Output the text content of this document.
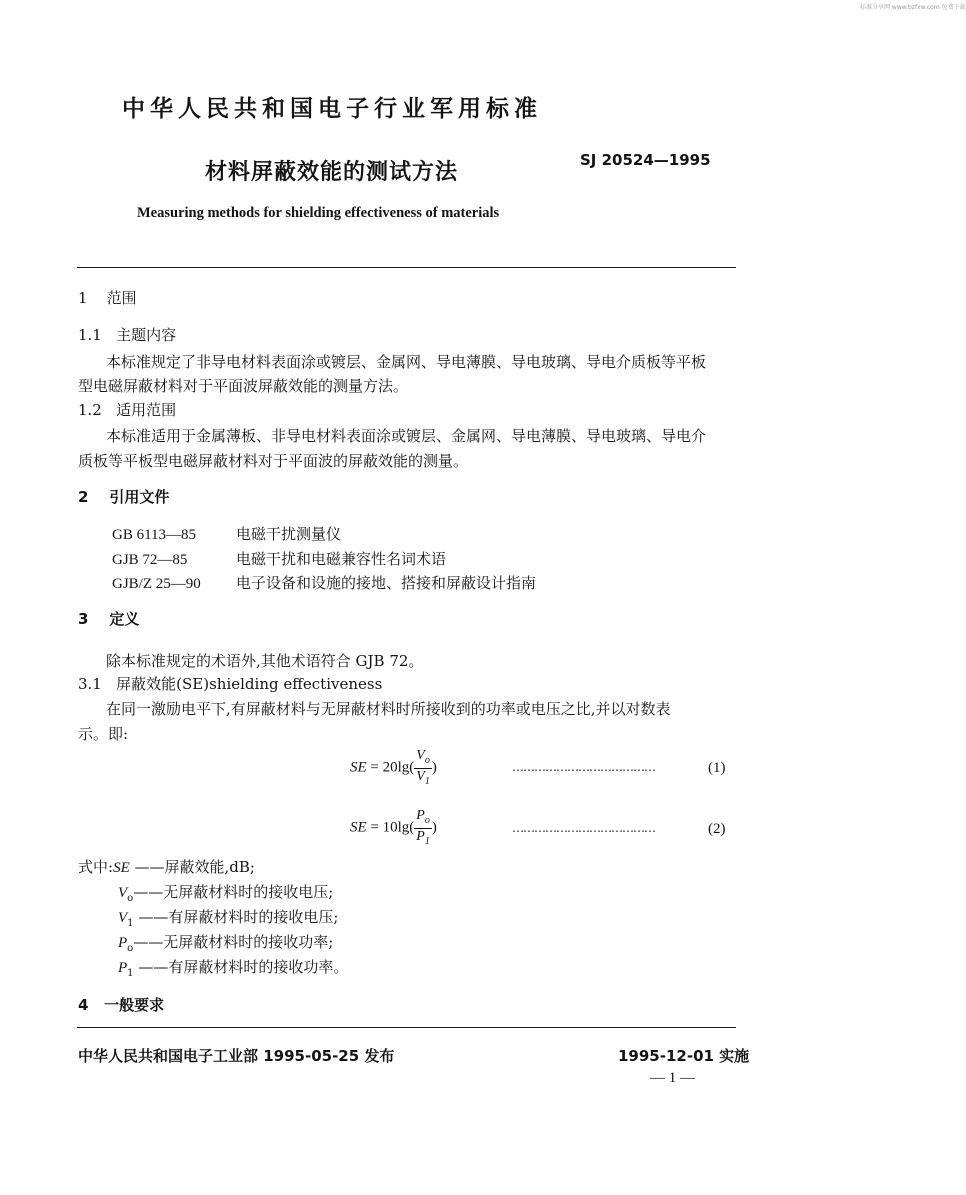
标准分享网 www.bzfxw.com 免费下载
中华人民共和国电子行业军用标准
材料屏蔽效能的测试方法	SJ 20524—1995
Measuring methods for shielding effectiveness of materials
1 范围
1.1 主题内容
本标准规定了非导电材料表面涂或镀层、金属网、导电薄膜、导电玻璃、导电介质板等平板
型电磁屏蔽材料对于平面波屏蔽效能的测量方法。
1.2 适用范围
本标准适用于金属薄板、非导电材料表面涂或镀层、金属网、导电薄膜、导电玻璃、导电介
质板等平板型电磁屏蔽材料对于平面波的屏蔽效能的测量。
2 引用文件
GB 6113—85	电磁干扰测量仪
GJB 72—85	电磁干扰和电磁兼容性名词术语
GJB/Z 25—90 电子设备和设施的接地、搭接和屏蔽设计指南
3 定义
除本标准规定的术语外,其他术语符合 GJB 72。
3.1 屏蔽效能(SE)shielding effectiveness
在同一激励电平下,有屏蔽材料与无屏蔽材料时所接收到的功率或电压之比,并以对数表
示。即:
SE = $20\lg( \frac{V_o}{V_1}$ )	…………………………………	(1)
SE = $10\lg( \frac{P_o}{P_1}$ )	…………………………………	(2)
式中:SE ——屏蔽效能,dB;
$V_o——$无屏蔽材料时的接收电压;
$V_1$ ——有屏蔽材料时的接收电压;
$P_o——$无屏蔽材料时的接收功率;
$P_1$ ——有屏蔽材料时的接收功率。
4 一般要求
中华人民共和国电子工业部 1995-05-25 发布	1995-12-01 实施
— 1 —
